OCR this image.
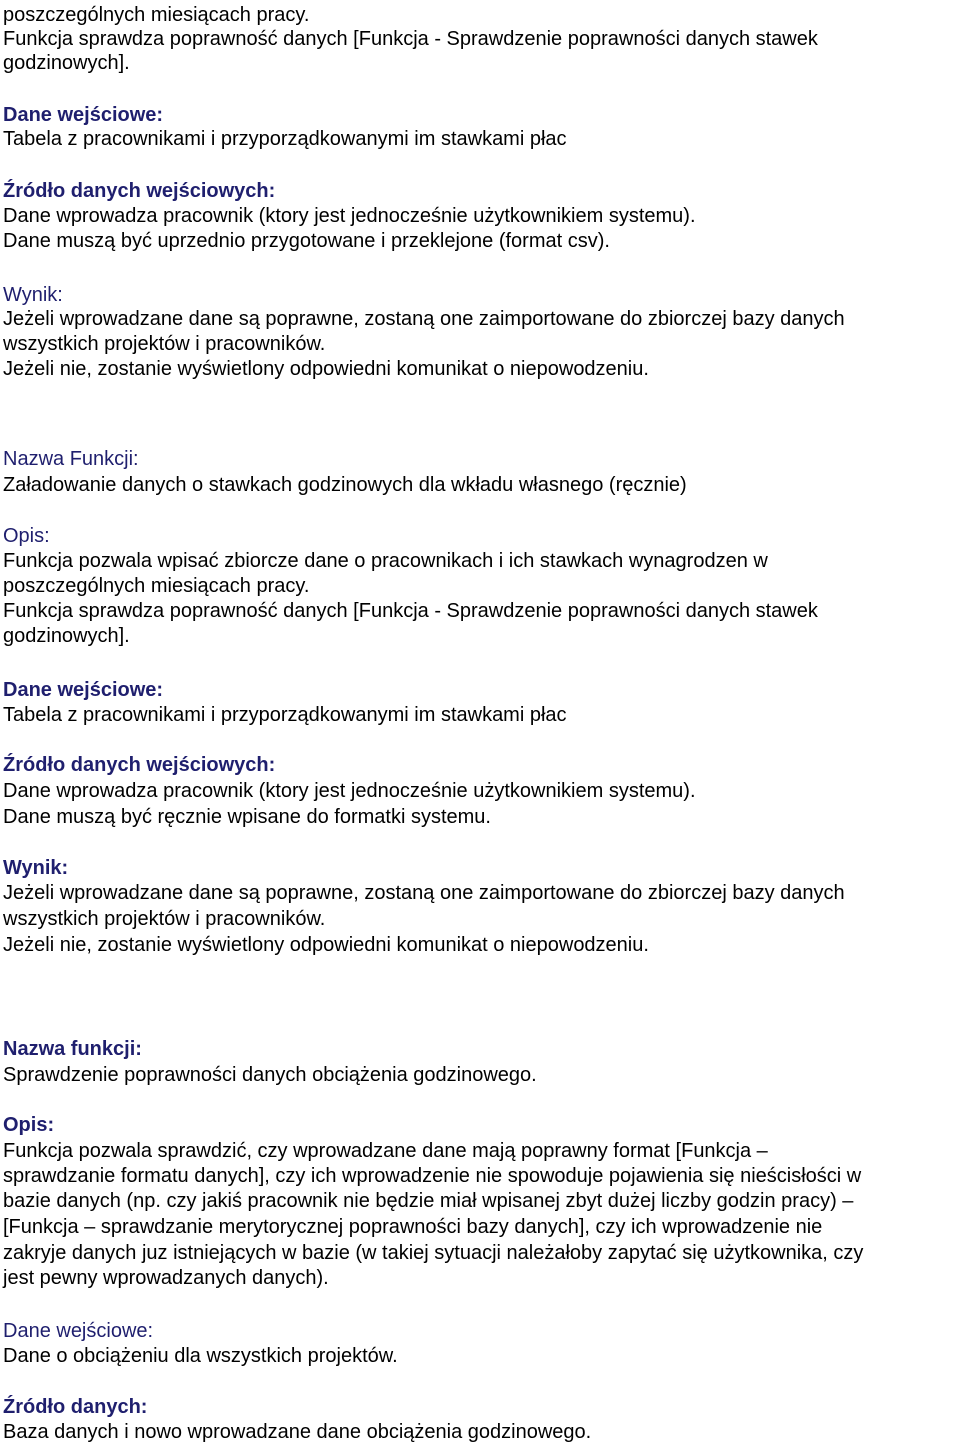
poszczególnych miesiącach pracy.
Funkcja sprawdza poprawność danych [Funkcja - Sprawdzenie poprawności danych stawek
godzinowych].
Dane wejściowe:
Tabela z pracownikami i przyporządkowanymi im stawkami płac
Źródło danych wejściowych:
Dane wprowadza pracownik (ktory jest jednocześnie użytkownikiem systemu).
Dane muszą być uprzednio przygotowane i przeklejone (format csv).
Wynik:
Jeżeli wprowadzane dane są poprawne, zostaną one zaimportowane do zbiorczej bazy danych
wszystkich projektów i pracowników.
Jeżeli nie, zostanie wyświetlony odpowiedni komunikat o niepowodzeniu.
Nazwa Funkcji:
Załadowanie danych o stawkach godzinowych dla wkładu własnego (ręcznie)
Opis:
Funkcja pozwala wpisać zbiorcze dane o pracownikach i ich stawkach wynagrodzen w
poszczególnych miesiącach pracy.
Funkcja sprawdza poprawność danych [Funkcja - Sprawdzenie poprawności danych stawek
godzinowych].
Dane wejściowe:
Tabela z pracownikami i przyporządkowanymi im stawkami płac
Źródło danych wejściowych:
Dane wprowadza pracownik (ktory jest jednocześnie użytkownikiem systemu).
Dane muszą być ręcznie wpisane do formatki systemu.
Wynik:
Jeżeli wprowadzane dane są poprawne, zostaną one zaimportowane do zbiorczej bazy danych
wszystkich projektów i pracowników.
Jeżeli nie, zostanie wyświetlony odpowiedni komunikat o niepowodzeniu.
Nazwa funkcji:
Sprawdzenie poprawności danych obciążenia godzinowego.
Opis:
Funkcja pozwala sprawdzić, czy wprowadzane dane mają poprawny format [Funkcja –
sprawdzanie formatu danych], czy ich wprowadzenie nie spowoduje pojawienia się nieścisłości w
bazie danych (np. czy jakiś pracownik nie będzie miał wpisanej zbyt dużej liczby godzin pracy) –
[Funkcja – sprawdzanie merytorycznej poprawności bazy danych], czy ich wprowadzenie nie
zakryje danych juz istniejących w bazie (w takiej sytuacji należałoby zapytać się użytkownika, czy
jest pewny wprowadzanych danych).
Dane wejściowe:
Dane o obciążeniu dla wszystkich projektów.
Źródło danych:
Baza danych i nowo wprowadzane dane obciążenia godzinowego.
